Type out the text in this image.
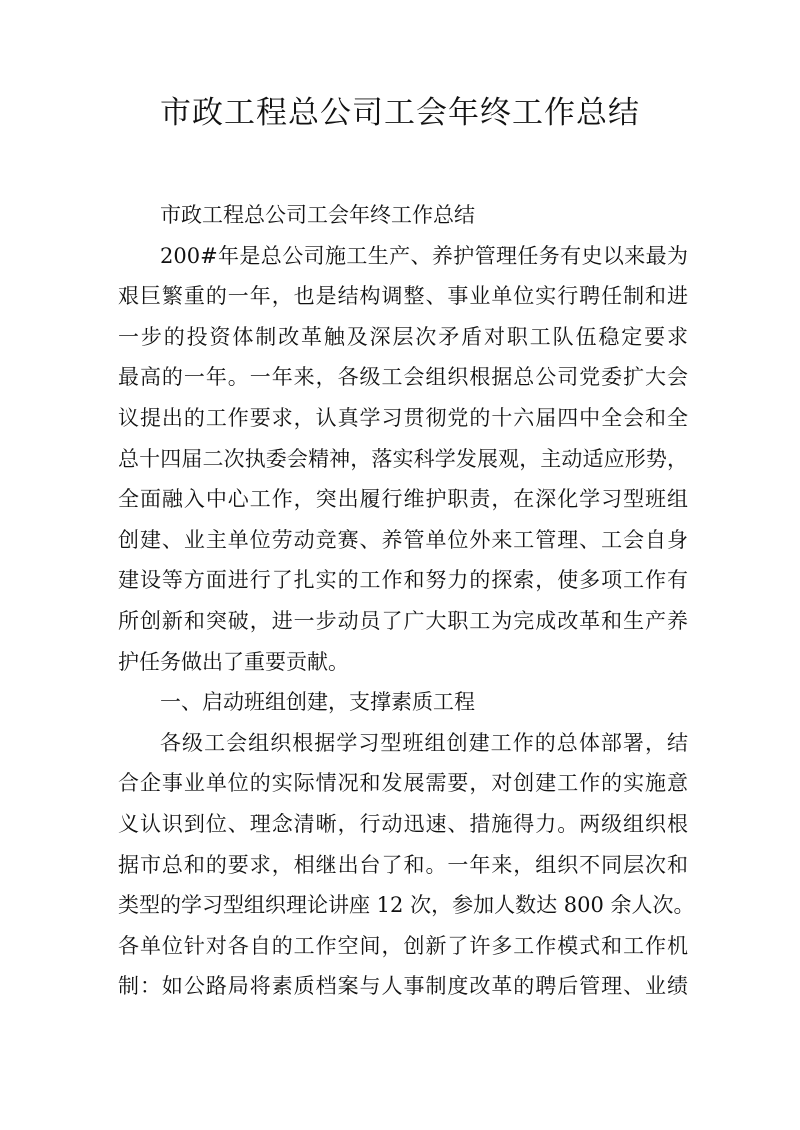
市政工程总公司工会年终工作总结
市政工程总公司工会年终工作总结
200#年是总公司施工生产、养护管理任务有史以来最为
艰巨繁重的一年，也是结构调整、事业单位实行聘任制和进
一步的投资体制改革触及深层次矛盾对职工队伍稳定要求
最高的一年。一年来，各级工会组织根据总公司党委扩大会
议提出的工作要求，认真学习贯彻党的十六届四中全会和全
总十四届二次执委会精神，落实科学发展观，主动适应形势，
全面融入中心工作，突出履行维护职责，在深化学习型班组
创建、业主单位劳动竞赛、养管单位外来工管理、工会自身
建设等方面进行了扎实的工作和努力的探索，使多项工作有
所创新和突破，进一步动员了广大职工为完成改革和生产养
护任务做出了重要贡献。
一、启动班组创建，支撑素质工程
各级工会组织根据学习型班组创建工作的总体部署，结
合企事业单位的实际情况和发展需要，对创建工作的实施意
义认识到位、理念清晰，行动迅速、措施得力。两级组织根
据市总和的要求，相继出台了和。一年来，组织不同层次和
类型的学习型组织理论讲座 12 次，参加人数达 800 余人次。
各单位针对各自的工作空间，创新了许多工作模式和工作机
制：如公路局将素质档案与人事制度改革的聘后管理、业绩
